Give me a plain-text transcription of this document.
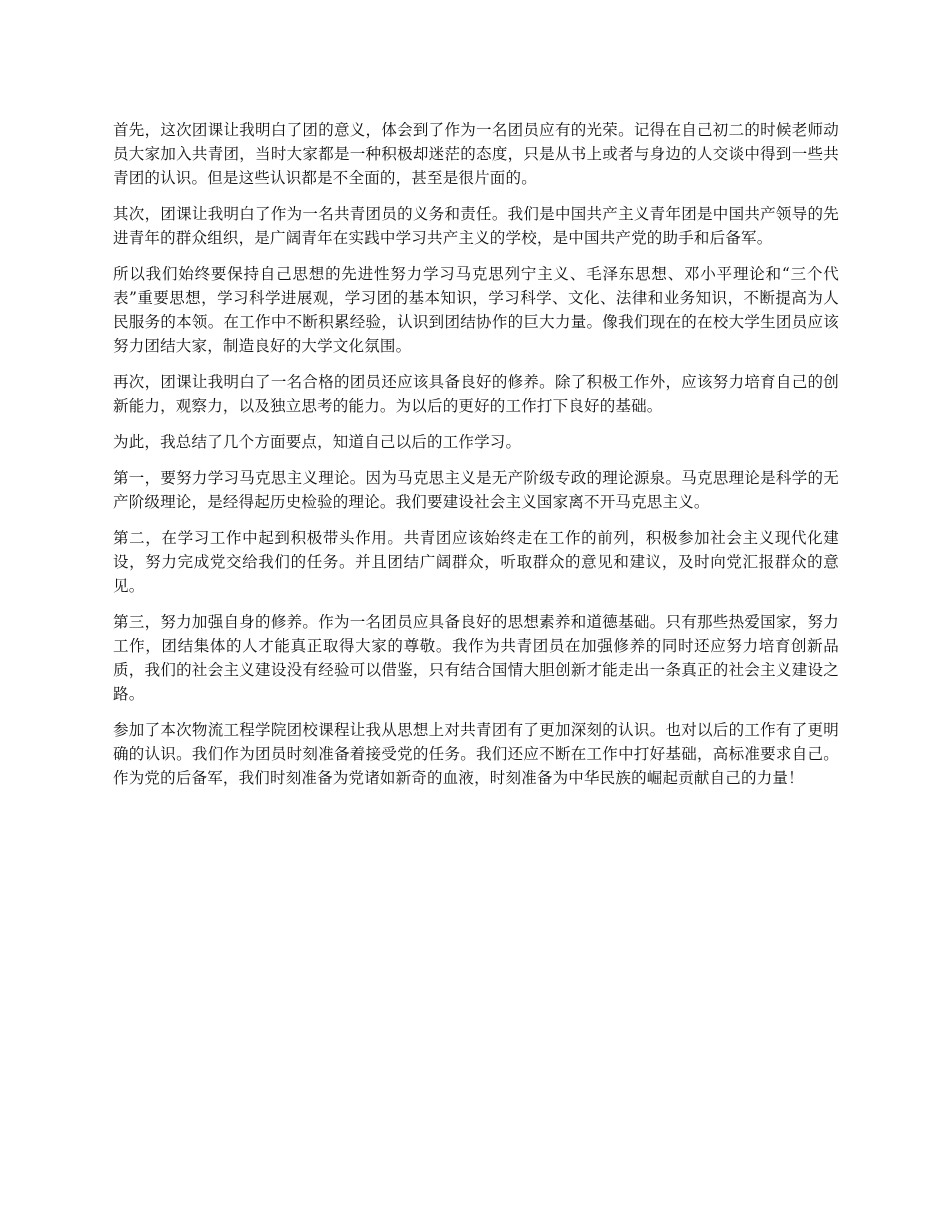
首先，这次团课让我明白了团的意义，体会到了作为一名团员应有的光荣。记得在自己初二的时候老师动员大家加入共青团，当时大家都是一种积极却迷茫的态度，只是从书上或者与身边的人交谈中得到一些共青团的认识。但是这些认识都是不全面的，甚至是很片面的。

其次，团课让我明白了作为一名共青团员的义务和责任。我们是中国共产主义青年团是中国共产领导的先进青年的群众组织，是广阔青年在实践中学习共产主义的学校，是中国共产党的助手和后备军。

所以我们始终要保持自己思想的先进性努力学习马克思列宁主义、毛泽东思想、邓小平理论和“三个代表”重要思想，学习科学进展观，学习团的基本知识，学习科学、文化、法律和业务知识，不断提高为人民服务的本领。在工作中不断积累经验，认识到团结协作的巨大力量。像我们现在的在校大学生团员应该努力团结大家，制造良好的大学文化氛围。

再次，团课让我明白了一名合格的团员还应该具备良好的修养。除了积极工作外，应该努力培育自己的创新能力，观察力，以及独立思考的能力。为以后的更好的工作打下良好的基础。

为此，我总结了几个方面要点，知道自己以后的工作学习。

第一，要努力学习马克思主义理论。因为马克思主义是无产阶级专政的理论源泉。马克思理论是科学的无产阶级理论，是经得起历史检验的理论。我们要建设社会主义国家离不开马克思主义。

第二，在学习工作中起到积极带头作用。共青团应该始终走在工作的前列，积极参加社会主义现代化建设，努力完成党交给我们的任务。并且团结广阔群众，听取群众的意见和建议，及时向党汇报群众的意见。

第三，努力加强自身的修养。作为一名团员应具备良好的思想素养和道德基础。只有那些热爱国家，努力工作，团结集体的人才能真正取得大家的尊敬。我作为共青团员在加强修养的同时还应努力培育创新品质，我们的社会主义建设没有经验可以借鉴，只有结合国情大胆创新才能走出一条真正的社会主义建设之路。

参加了本次物流工程学院团校课程让我从思想上对共青团有了更加深刻的认识。也对以后的工作有了更明确的认识。我们作为团员时刻准备着接受党的任务。我们还应不断在工作中打好基础，高标准要求自己。作为党的后备军，我们时刻准备为党诸如新奇的血液，时刻准备为中华民族的崛起贡献自己的力量！
